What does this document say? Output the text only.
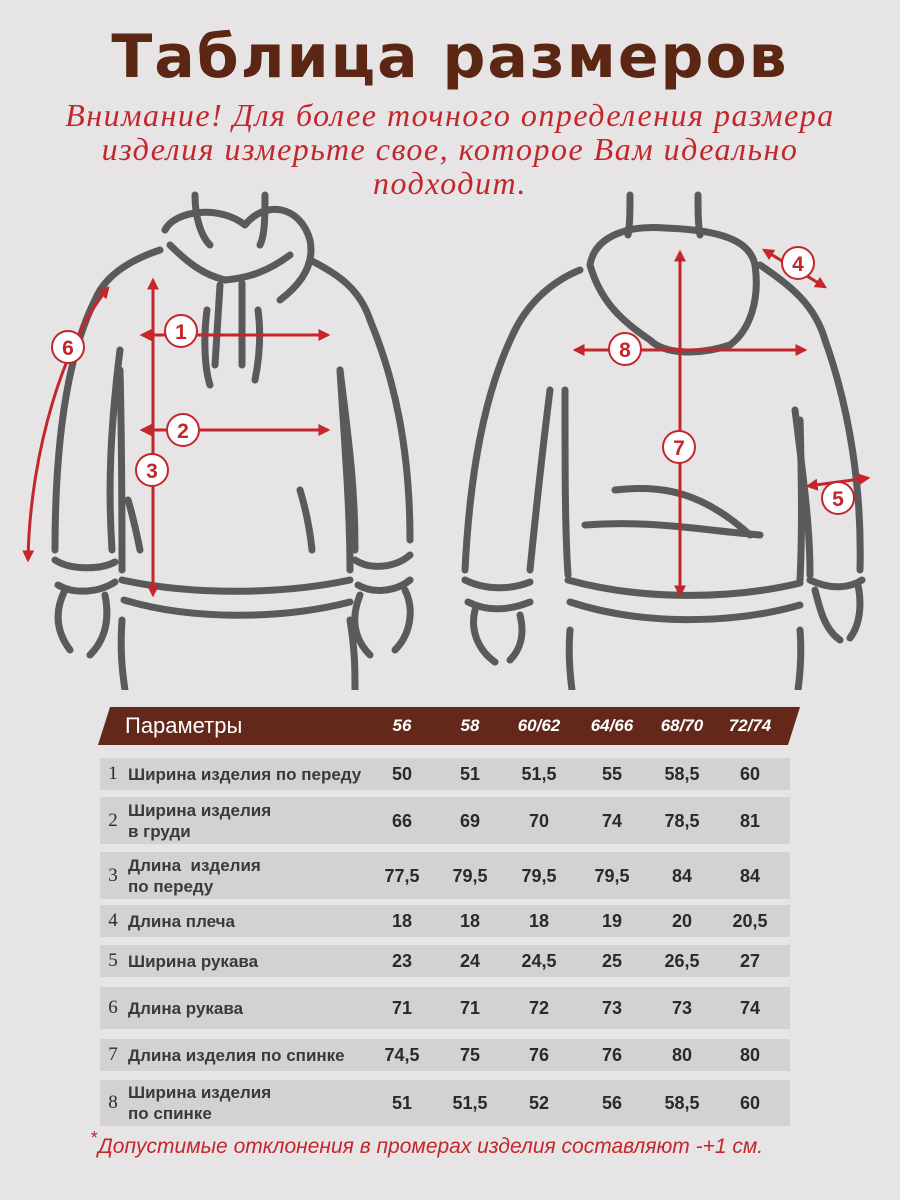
Таблица размеров
Внимание! Для более точного определения размера
изделия измерьте свое, которое Вам идеально
подходит.
1
2
3
6	8
7
4
5
Параметры	56	58	60/62	64/66	68/70	72/74
1 Ширина изделия по переду	50	51	51,5	55	58,5	60
2 Ширина изделия
в груди
66	69	70	74	78,5	81
3 Длина  изделия
по переду
77,5	79,5	79,5	79,5	84	84
4 Длина плеча	18	18	18	19	20	20,5
5 Ширина рукава	23	24	24,5	25	26,5	27
6 Длина рукава	71	71	72	73	73	74
7 Длина изделия по спинке	74,5	75	76	76	80	80
8 Ширина изделия
по спинке
51	51,5	52	56	58,5	60
*Допустимые отклонения в промерах изделия составляют -+1 см.
